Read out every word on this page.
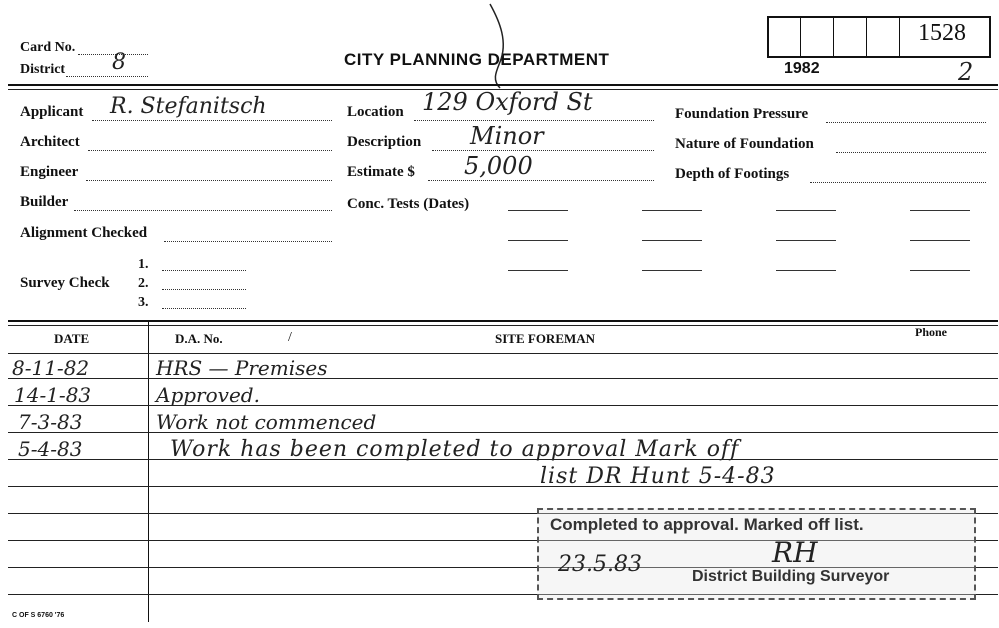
Card No.
District 8	CITY PLANNING DEPARTMENT	1982	2
1528
Applicant R. Stefanitsch
Architect
Engineer
Builder
Alignment Checked
Survey Check
1.
2.
3.
Location 129 Oxford St
Description Minor
Estimate $ 5,000
Conc. Tests (Dates)
Foundation Pressure
Nature of Foundation
Depth of Footings
DATE	D.A. No.	/	SITE FOREMAN	Phone
8-11-82	HRS — Premises
14-1-83	Approved.
7-3-83	Work not commenced
5-4-83	Work has been completed to approval Mark off
list DR Hunt 5-4-83
Completed to approval. Marked off list.
23.5.83	RH
District Building Surveyor
C OF S 6760 '76
